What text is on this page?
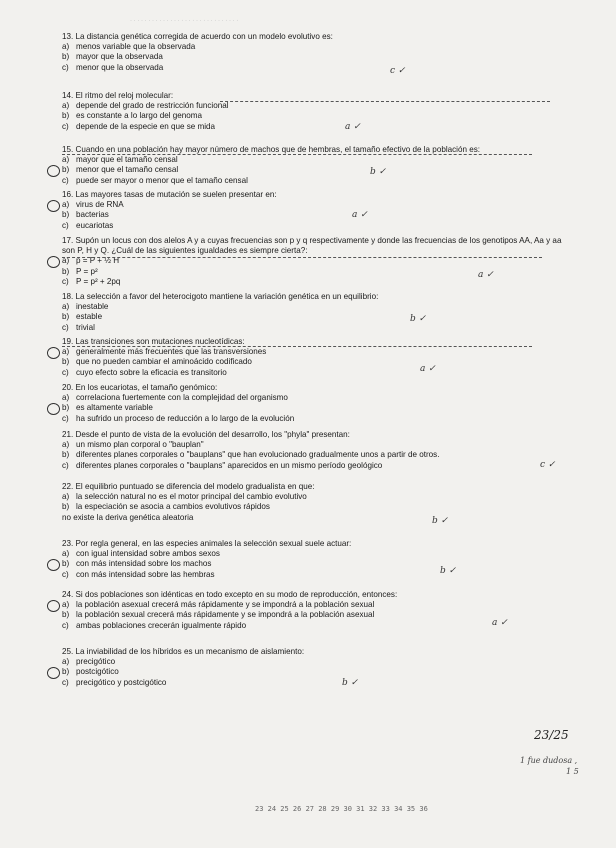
· · · · · · · · · · · · · · · · · · · · · · · · · · · · · ·
13. La distancia genética corregida de acuerdo con un modelo evolutivo es:
a) menos variable que la observada
b) mayor que la observada
c) menor que la observada	c ✓
14. El ritmo del reloj molecular:
a) depende del grado de restricción funcional
b) es constante a lo largo del genoma
c) depende de la especie en que se mida	a ✓
15. Cuando en una población hay mayor número de machos que de hembras, el tamaño efectivo de la población es:
a) mayor que el tamaño censal
b) menor que el tamaño censal
c) puede ser mayor o menor que el tamaño censal
b ✓
16. Las mayores tasas de mutación se suelen presentar en:
a) virus de RNA
b) bacterias
c) eucariotas
a ✓
17. Supón un locus con dos alelos A y a cuyas frecuencias son p y q respectivamente y donde las frecuencias de los genotipos AA, Aa y aa son P, H y Q. ¿Cuál de las siguientes igualdades es siempre cierta?:
a) p = P + ½ H
b) P = p²
c) P = p² + 2pq
a ✓
18. La selección a favor del heterocigoto mantiene la variación genética en un equilibrio:
a) inestable
b) estable
c) trivial
b ✓
19. Las transiciones son mutaciones nucleotídicas:
a) generalmente más frecuentes que las transversiones
b) que no pueden cambiar el aminoácido codificado
c) cuyo efecto sobre la eficacia es transitorio	a ✓
20. En los eucariotas, el tamaño genómico:
a) correlaciona fuertemente con la complejidad del organismo
b) es altamente variable
c) ha sufrido un proceso de reducción a lo largo de la evolución
21. Desde el punto de vista de la evolución del desarrollo, los "phyla" presentan:
a) un mismo plan corporal o "bauplan"
b) diferentes planes corporales o "bauplans" que han evolucionado gradualmente unos a partir de otros.
c) diferentes planes corporales o "bauplans" aparecidos en un mismo período geológico	c ✓
22. El equilibrio puntuado se diferencia del modelo gradualista en que:
a) la selección natural no es el motor principal del cambio evolutivo
b) la especiación se asocia a cambios evolutivos rápidos
no existe la deriva genética aleatoria	b ✓
23. Por regla general, en las especies animales la selección sexual suele actuar:
a) con igual intensidad sobre ambos sexos
b) con más intensidad sobre los machos
c) con más intensidad sobre las hembras	b ✓
24. Si dos poblaciones son idénticas en todo excepto en su modo de reproducción, entonces:
a) la población asexual crecerá más rápidamente y se impondrá a la población sexual
b) la población sexual crecerá más rápidamente y se impondrá a la población asexual
c) ambas poblaciones crecerán igualmente rápido	a ✓
25. La inviabilidad de los híbridos es un mecanismo de aislamiento:
a) precigótico
b) postcigótico
c) precigótico y postcigótico	b ✓
23/25
1 fue dudosa ,
1 5
23 24 25 26 27 28 29 30 31 32 33 34 35 36
